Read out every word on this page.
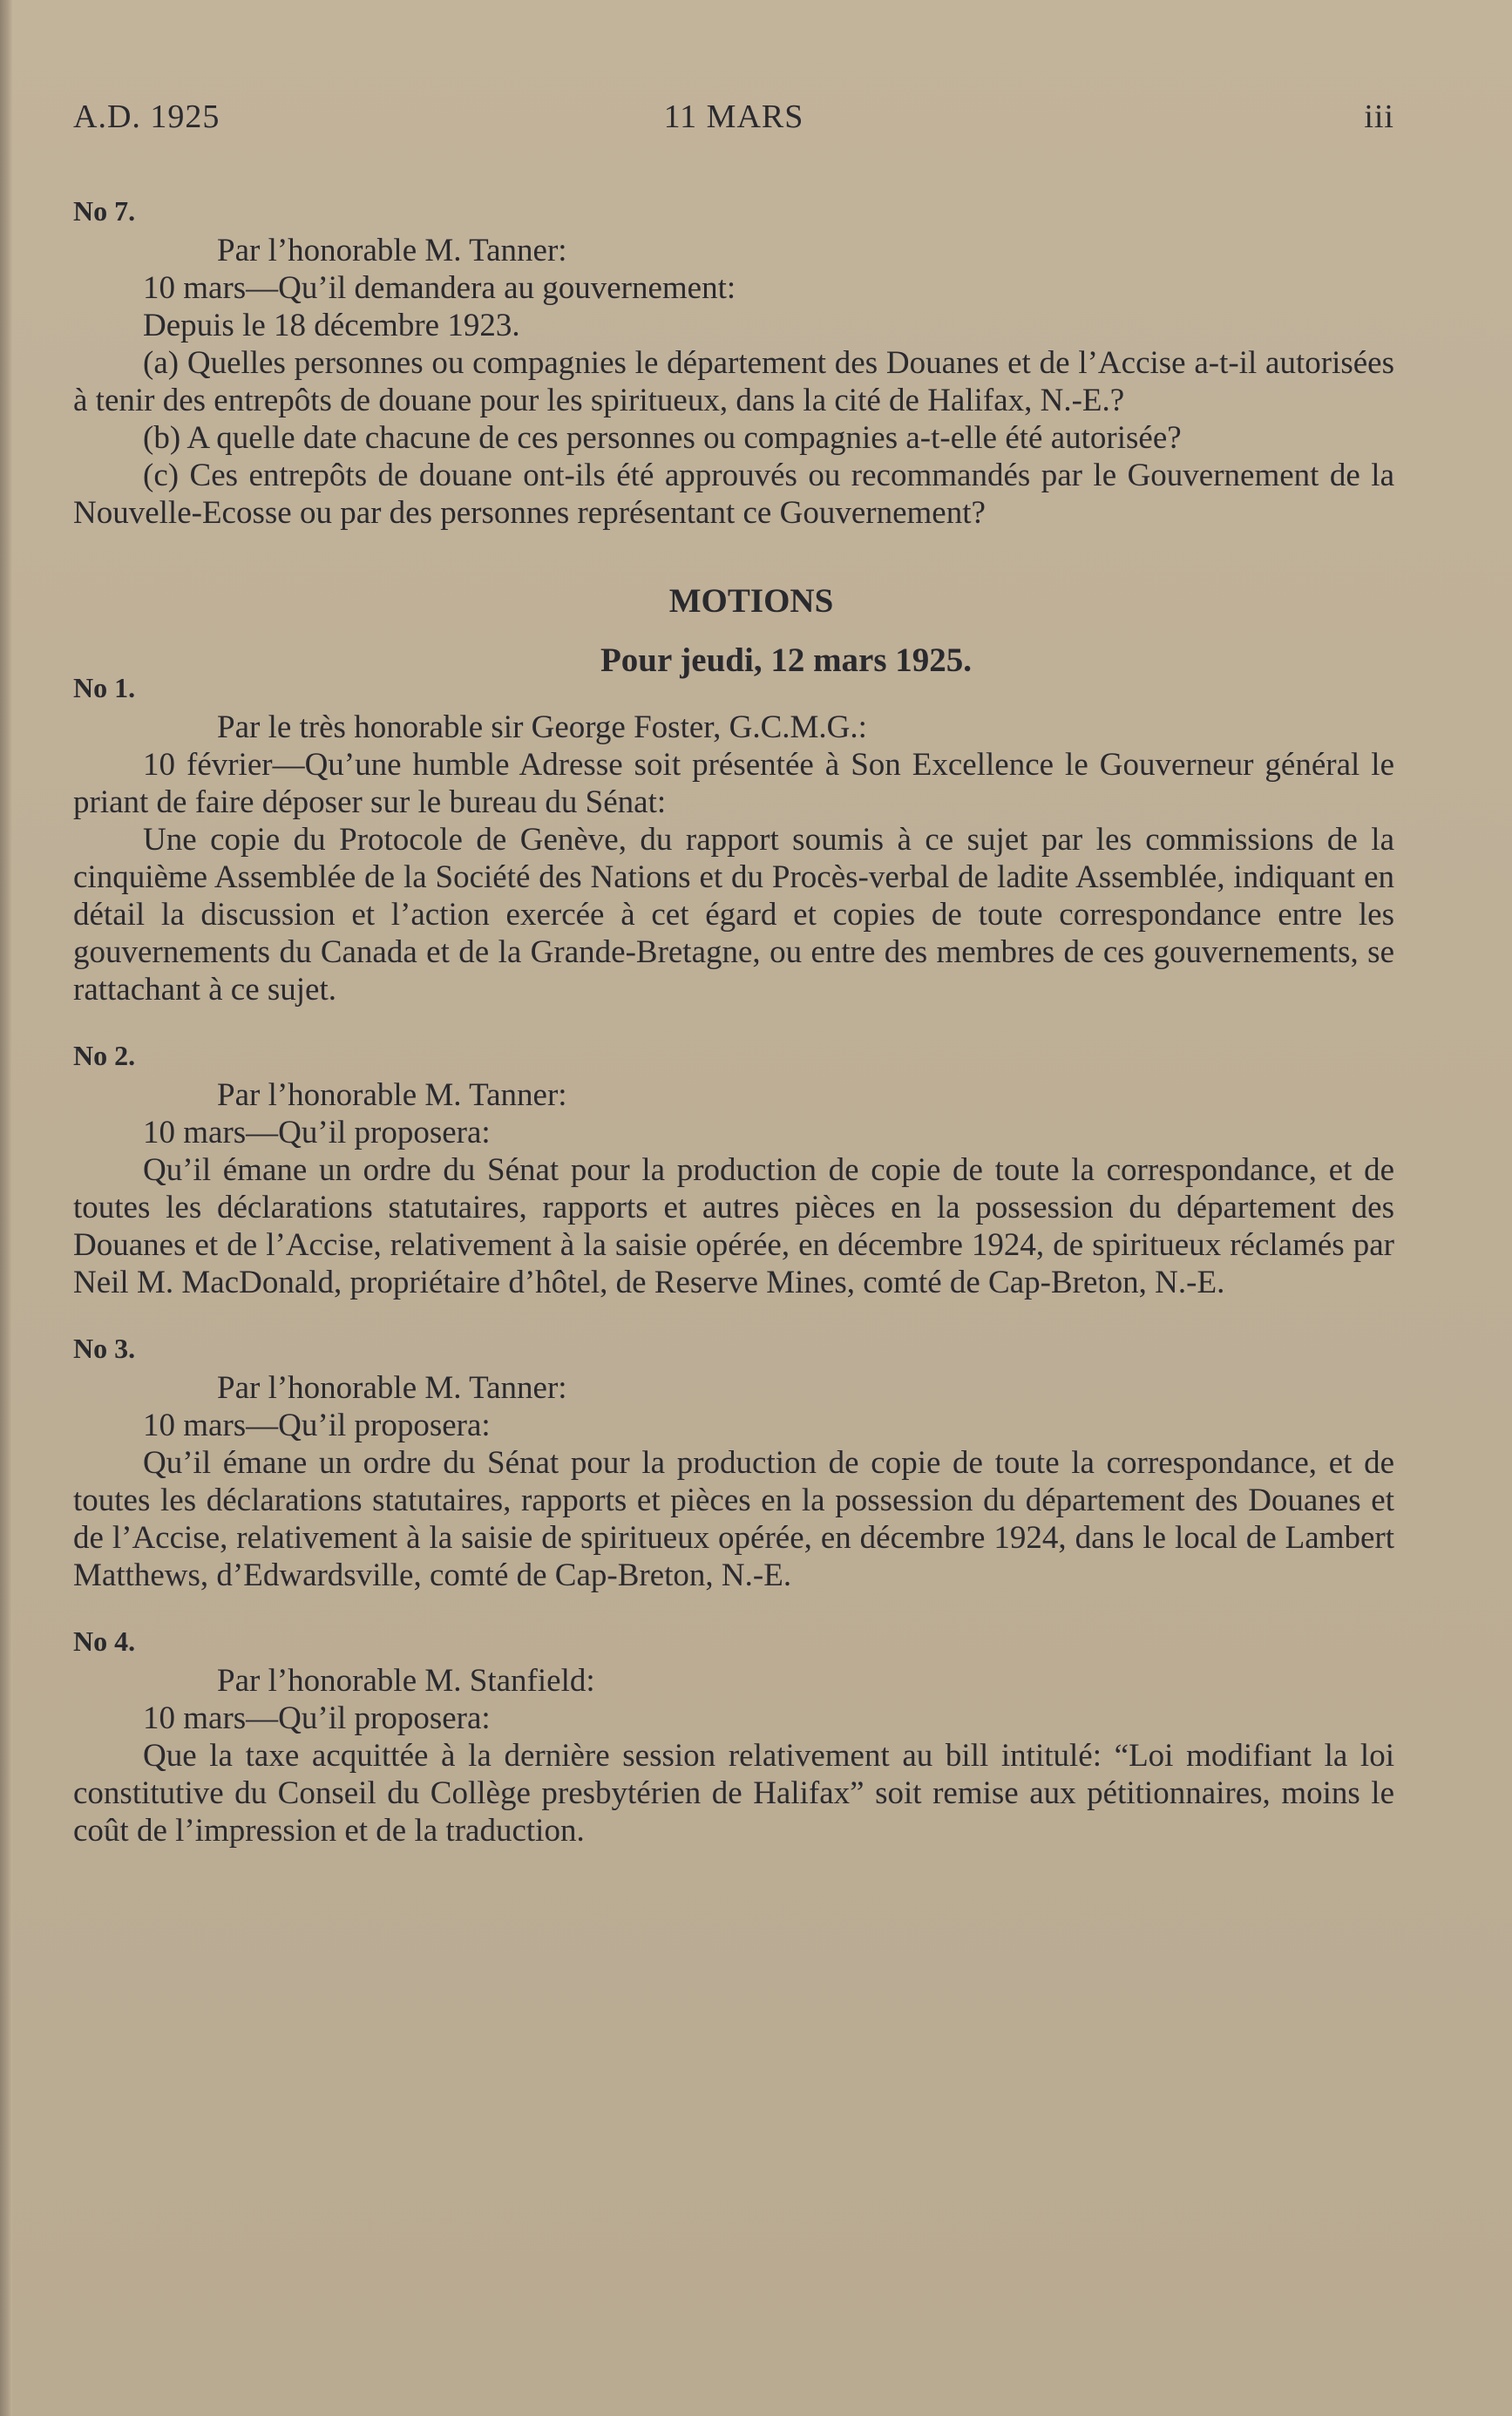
A.D. 1925	11 MARS	iii

No 7.

Par l’honorable M. Tanner:

10 mars—Qu’il demandera au gouvernement:

Depuis le 18 décembre 1923.

(a) Quelles personnes ou compagnies le département des Douanes et de l’Accise a-t-il autorisées à tenir des entrepôts de douane pour les spiritueux, dans la cité de Halifax, N.-E.?

(b) A quelle date chacune de ces personnes ou compagnies a-t-elle été autorisée?

(c) Ces entrepôts de douane ont-ils été approuvés ou recommandés par le Gouvernement de la Nouvelle-Ecosse ou par des personnes représentant ce Gouvernement?

MOTIONS

Pour jeudi, 12 mars 1925.

No 1.

Par le très honorable sir George Foster, G.C.M.G.:

10 février—Qu’une humble Adresse soit présentée à Son Excellence le Gouverneur général le priant de faire déposer sur le bureau du Sénat:

Une copie du Protocole de Genève, du rapport soumis à ce sujet par les commissions de la cinquième Assemblée de la Société des Nations et du Procès-verbal de ladite Assemblée, indiquant en détail la discussion et l’action exercée à cet égard et copies de toute correspondance entre les gouvernements du Canada et de la Grande-Bretagne, ou entre des membres de ces gouvernements, se rattachant à ce sujet.

No 2.

Par l’honorable M. Tanner:

10 mars—Qu’il proposera:

Qu’il émane un ordre du Sénat pour la production de copie de toute la correspondance, et de toutes les déclarations statutaires, rapports et autres pièces en la possession du département des Douanes et de l’Accise, relativement à la saisie opérée, en décembre 1924, de spiritueux réclamés par Neil M. MacDonald, propriétaire d’hôtel, de Reserve Mines, comté de Cap-Breton, N.-E.

No 3.

Par l’honorable M. Tanner:

10 mars—Qu’il proposera:

Qu’il émane un ordre du Sénat pour la production de copie de toute la correspondance, et de toutes les déclarations statutaires, rapports et pièces en la possession du département des Douanes et de l’Accise, relativement à la saisie de spiritueux opérée, en décembre 1924, dans le local de Lambert Matthews, d’Edwardsville, comté de Cap-Breton, N.-E.

No 4.

Par l’honorable M. Stanfield:

10 mars—Qu’il proposera:

Que la taxe acquittée à la dernière session relativement au bill intitulé: “Loi modifiant la loi constitutive du Conseil du Collège presbytérien de Halifax” soit remise aux pétitionnaires, moins le coût de l’impression et de la traduction.
